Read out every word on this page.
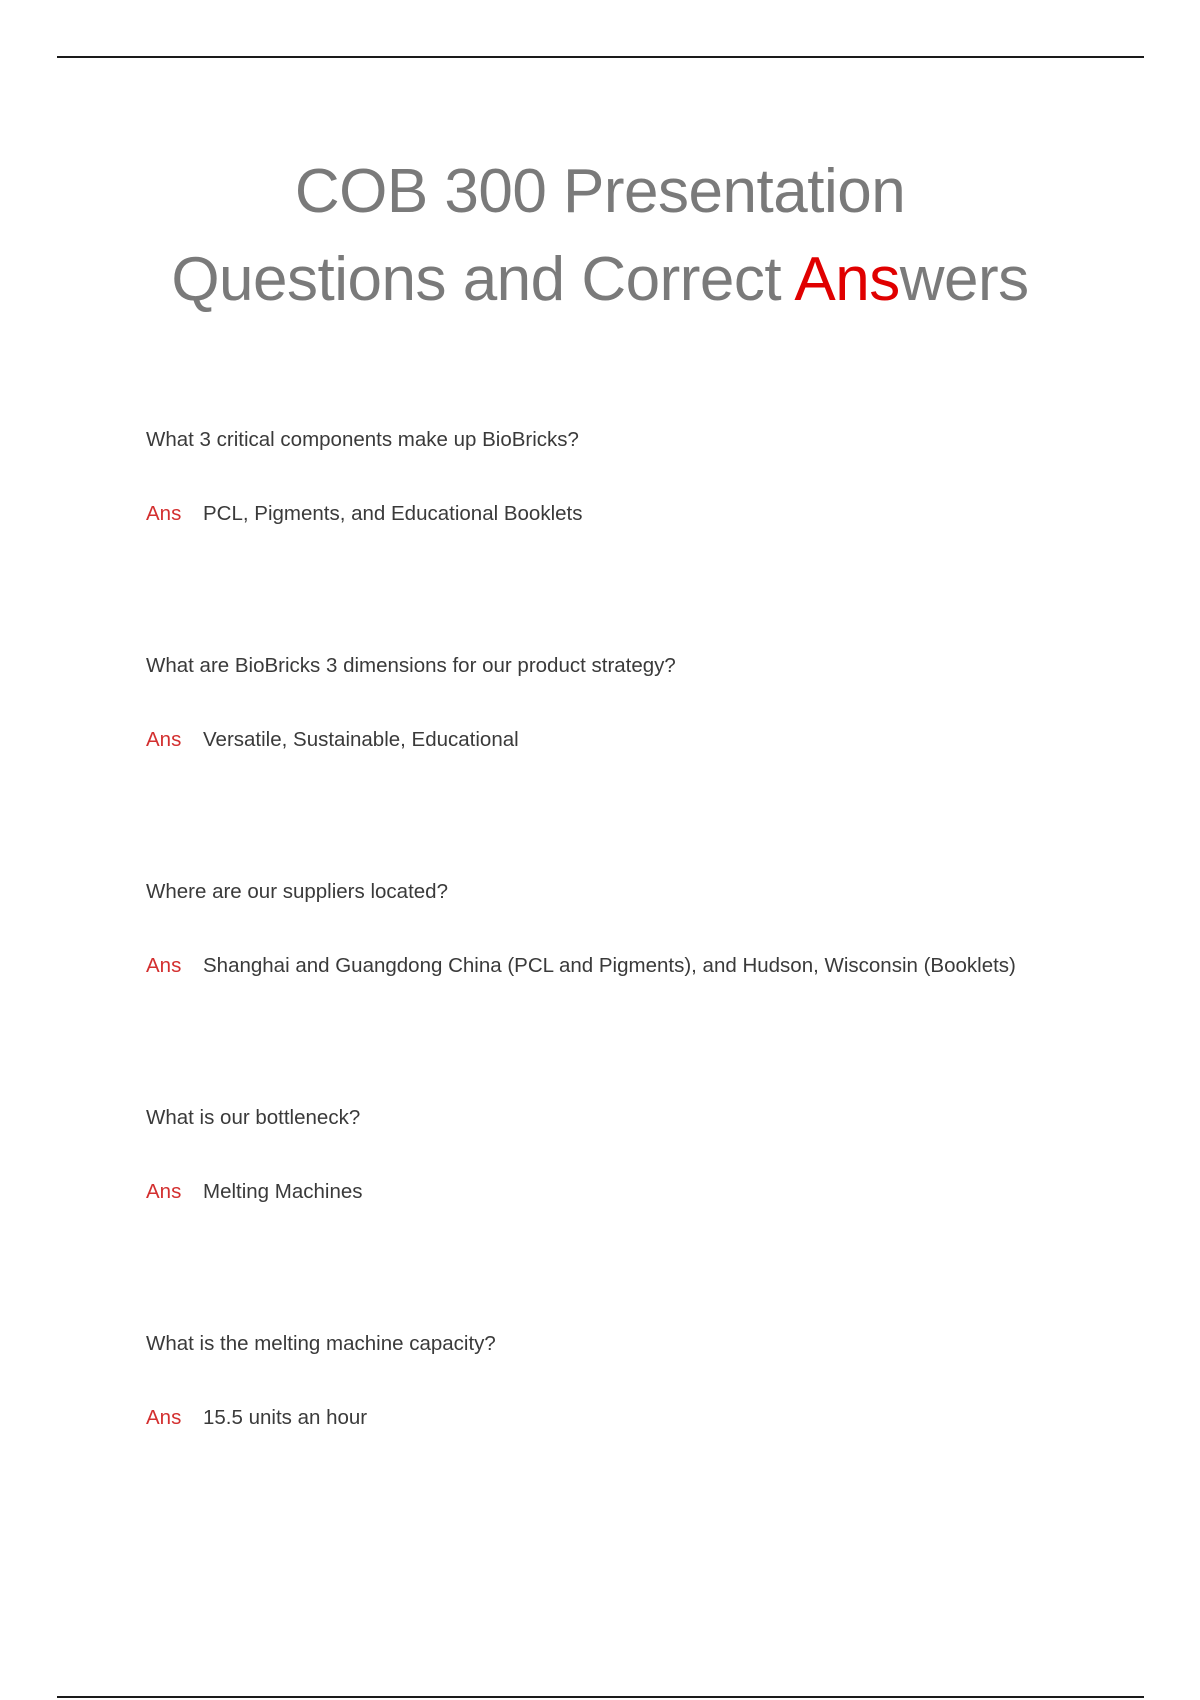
COB 300 Presentation
Questions and Correct Answers
What 3 critical components make up BioBricks?
Ans PCL, Pigments, and Educational Booklets
What are BioBricks 3 dimensions for our product strategy?
Ans Versatile, Sustainable, Educational
Where are our suppliers located?
Ans Shanghai and Guangdong China (PCL and Pigments), and Hudson, Wisconsin (Booklets)
What is our bottleneck?
Ans Melting Machines
What is the melting machine capacity?
Ans 15.5 units an hour
